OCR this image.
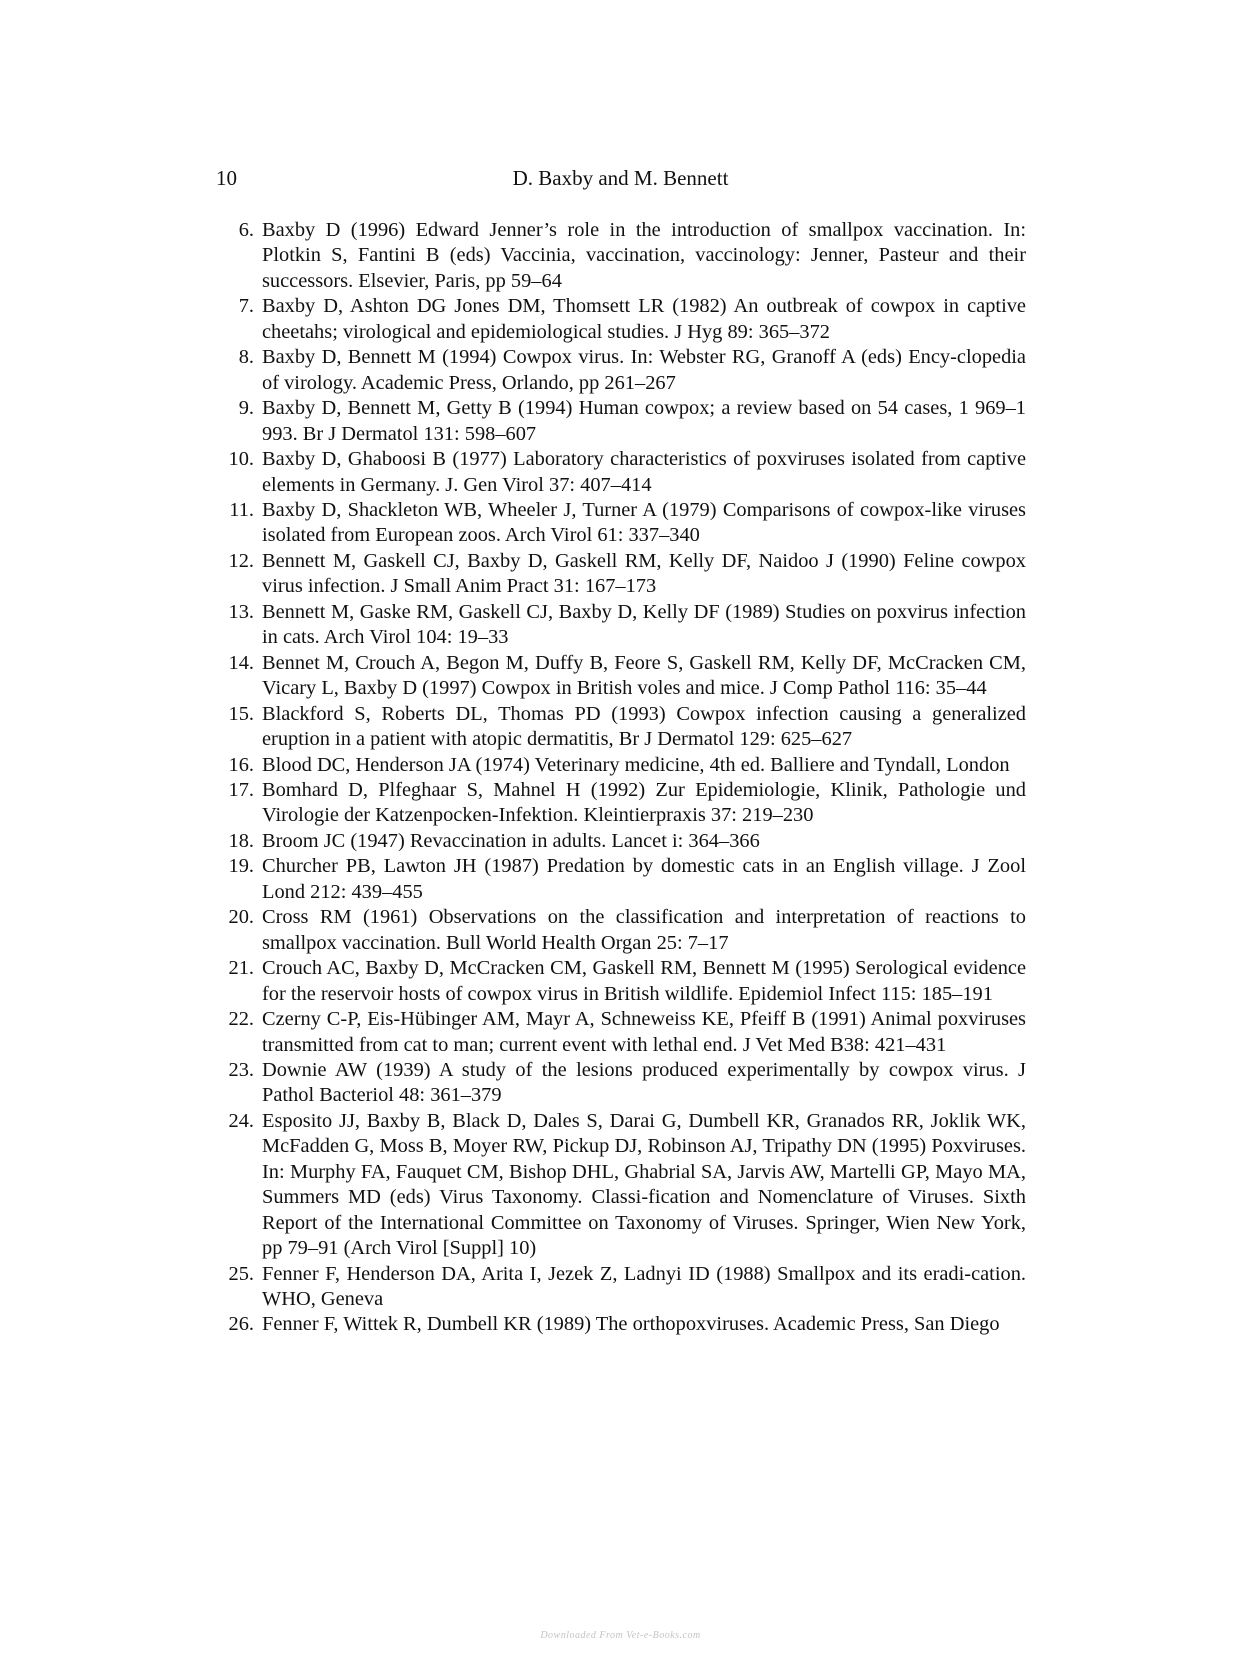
10	D. Baxby and M. Bennett
6. Baxby D (1996) Edward Jenner’s role in the introduction of smallpox vaccination. In: Plotkin S, Fantini B (eds) Vaccinia, vaccination, vaccinology: Jenner, Pasteur and their successors. Elsevier, Paris, pp 59–64
7. Baxby D, Ashton DG Jones DM, Thomsett LR (1982) An outbreak of cowpox in captive cheetahs; virological and epidemiological studies. J Hyg 89: 365–372
8. Baxby D, Bennett M (1994) Cowpox virus. In: Webster RG, Granoff A (eds) Ency-clopedia of virology. Academic Press, Orlando, pp 261–267
9. Baxby D, Bennett M, Getty B (1994) Human cowpox; a review based on 54 cases, 1 969–1 993. Br J Dermatol 131: 598–607
10. Baxby D, Ghaboosi B (1977) Laboratory characteristics of poxviruses isolated from captive elements in Germany. J. Gen Virol 37: 407–414
11. Baxby D, Shackleton WB, Wheeler J, Turner A (1979) Comparisons of cowpox-like viruses isolated from European zoos. Arch Virol 61: 337–340
12. Bennett M, Gaskell CJ, Baxby D, Gaskell RM, Kelly DF, Naidoo J (1990) Feline cowpox virus infection. J Small Anim Pract 31: 167–173
13. Bennett M, Gaske RM, Gaskell CJ, Baxby D, Kelly DF (1989) Studies on poxvirus infection in cats. Arch Virol 104: 19–33
14. Bennet M, Crouch A, Begon M, Duffy B, Feore S, Gaskell RM, Kelly DF, McCracken CM, Vicary L, Baxby D (1997) Cowpox in British voles and mice. J Comp Pathol 116: 35–44
15. Blackford S, Roberts DL, Thomas PD (1993) Cowpox infection causing a generalized eruption in a patient with atopic dermatitis, Br J Dermatol 129: 625–627
16. Blood DC, Henderson JA (1974) Veterinary medicine, 4th ed. Balliere and Tyndall, London
17. Bomhard D, Plfeghaar S, Mahnel H (1992) Zur Epidemiologie, Klinik, Pathologie und Virologie der Katzenpocken-Infektion. Kleintierpraxis 37: 219–230
18. Broom JC (1947) Revaccination in adults. Lancet i: 364–366
19. Churcher PB, Lawton JH (1987) Predation by domestic cats in an English village. J Zool Lond 212: 439–455
20. Cross RM (1961) Observations on the classification and interpretation of reactions to smallpox vaccination. Bull World Health Organ 25: 7–17
21. Crouch AC, Baxby D, McCracken CM, Gaskell RM, Bennett M (1995) Serological evidence for the reservoir hosts of cowpox virus in British wildlife. Epidemiol Infect 115: 185–191
22. Czerny C-P, Eis-Hübinger AM, Mayr A, Schneweiss KE, Pfeiff B (1991) Animal poxviruses transmitted from cat to man; current event with lethal end. J Vet Med B38: 421–431
23. Downie AW (1939) A study of the lesions produced experimentally by cowpox virus. J Pathol Bacteriol 48: 361–379
24. Esposito JJ, Baxby B, Black D, Dales S, Darai G, Dumbell KR, Granados RR, Joklik WK, McFadden G, Moss B, Moyer RW, Pickup DJ, Robinson AJ, Tripathy DN (1995) Poxviruses. In: Murphy FA, Fauquet CM, Bishop DHL, Ghabrial SA, Jarvis AW, Martelli GP, Mayo MA, Summers MD (eds) Virus Taxonomy. Classi-fication and Nomenclature of Viruses. Sixth Report of the International Committee on Taxonomy of Viruses. Springer, Wien New York, pp 79–91 (Arch Virol [Suppl] 10)
25. Fenner F, Henderson DA, Arita I, Jezek Z, Ladnyi ID (1988) Smallpox and its eradi-cation. WHO, Geneva
26. Fenner F, Wittek R, Dumbell KR (1989) The orthopoxviruses. Academic Press, San Diego
Downloaded From Vet-e-Books.com
